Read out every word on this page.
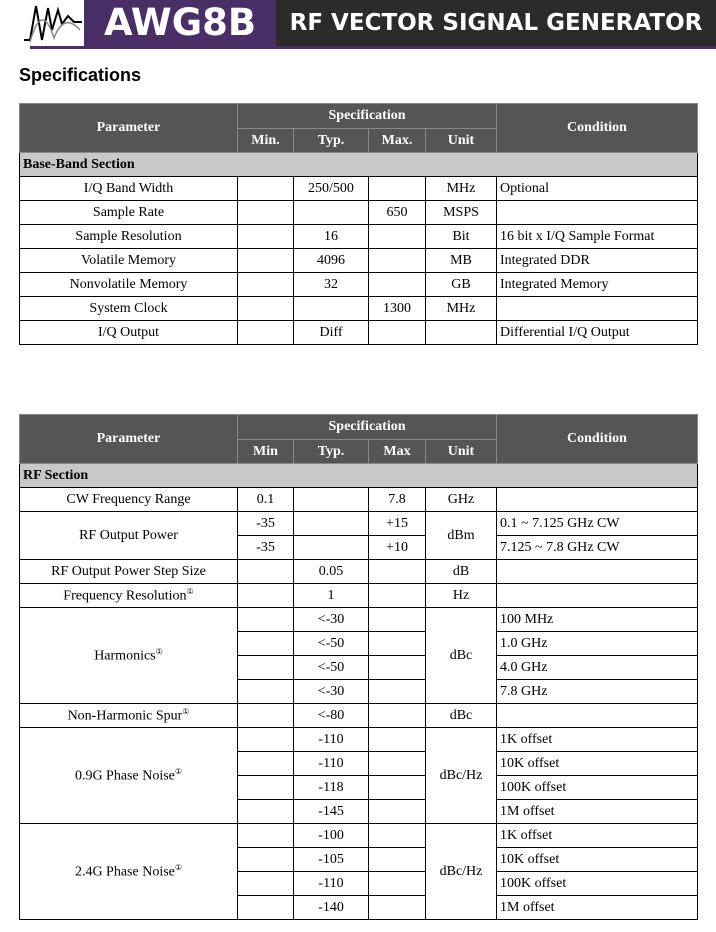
AWG8B	RF VECTOR SIGNAL GENERATOR
Specifications
Parameter	Specification				Condition
	Min.	Typ.	Max.	Unit	
Base-Band Section					
I/Q Band Width		250/500		MHz	Optional
Sample Rate			650	MSPS	
Sample Resolution		16		Bit	16 bit x I/Q Sample Format
Volatile Memory		4096		MB	Integrated DDR
Nonvolatile Memory		32		GB	Integrated Memory
System Clock			1300	MHz	
I/Q Output		Diff			Differential I/Q Output
Parameter	Specification				Condition
	Min	Typ.	Max	Unit	
RF Section					
CW Frequency Range	0.1		7.8	GHz	
RF Output Power	-35		+15	dBm	0.1 ~ 7.125 GHz CW
	-35		+10		7.125 ~ 7.8 GHz CW
RF Output Power Step Size		0.05		dB	
Frequency Resolution①		1		Hz	
Harmonics①		<-30		dBc	100 MHz
		<-50			1.0 GHz
		<-50			4.0 GHz
		<-30			7.8 GHz
Non-Harmonic Spur①		<-80		dBc	
0.9G Phase Noise①		-110		dBc/Hz	1K offset
		-110			10K offset
		-118			100K offset
		-145			1M offset
2.4G Phase Noise①		-100		dBc/Hz	1K offset
		-105			10K offset
		-110			100K offset
		-140			1M offset
